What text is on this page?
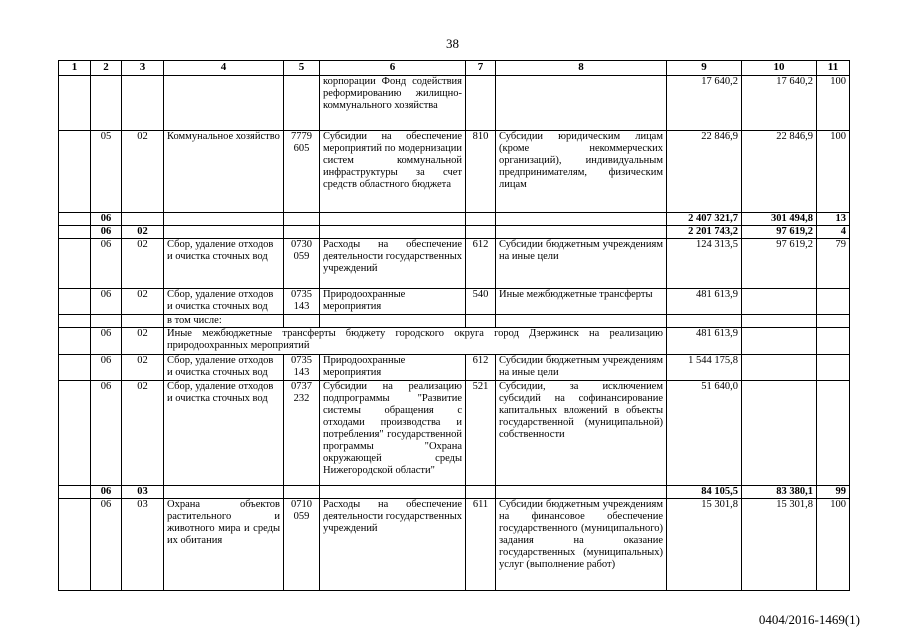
38
1	2	3	4	5	6	7	8	9	10	11
					корпорации Фонд содействия реформированию жилищно-коммунального хозяйства			17 640,2	17 640,2	100
	05	02	Коммунальное хозяйство	7779 605	Субсидии на обеспечение мероприятий по модернизации систем коммунальной инфраструктуры за счет средств областного бюджета	810	Субсидии юридическим лицам (кроме некоммерческих организаций), индивидуальным предпринимателям, физическим лицам	22 846,9	22 846,9	100
	06							2 407 321,7	301 494,8	13
	06	02						2 201 743,2	97 619,2	4
	06	02	Сбор, удаление отходов и очистка сточных вод	0730 059	Расходы на обеспечение деятельности государственных учреждений	612	Субсидии бюджетным учреждениям на иные цели	124 313,5	97 619,2	79
	06	02	Сбор, удаление отходов и очистка сточных вод	0735 143	Природоохранные мероприятия	540	Иные межбюджетные трансферты	481 613,9		
			в том числе:							
	06	02	Иные межбюджетные трансферты бюджету городского округа город Дзержинск на реализацию природоохранных мероприятий					481 613,9		
	06	02	Сбор, удаление отходов и очистка сточных вод	0735 143	Природоохранные мероприятия	612	Субсидии бюджетным учреждениям на иные цели	1 544 175,8		
	06	02	Сбор, удаление отходов и очистка сточных вод	0737 232	Субсидии на реализацию подпрограммы "Развитие системы обращения с отходами производства и потребления" государственной программы "Охрана окружающей среды Нижегородской области"	521	Субсидии, за исключением субсидий на софинансирование капитальных вложений в объекты государственной (муниципальной) собственности	51 640,0		
	06	03						84 105,5	83 380,1	99
	06	03	Охрана объектов растительного и животного мира и среды их обитания	0710 059	Расходы на обеспечение деятельности государственных учреждений	611	Субсидии бюджетным учреждениям на финансовое обеспечение государственного (муниципального) задания на оказание государственных (муниципальных) услуг (выполнение работ)	15 301,8	15 301,8	100
0404/2016-1469(1)
